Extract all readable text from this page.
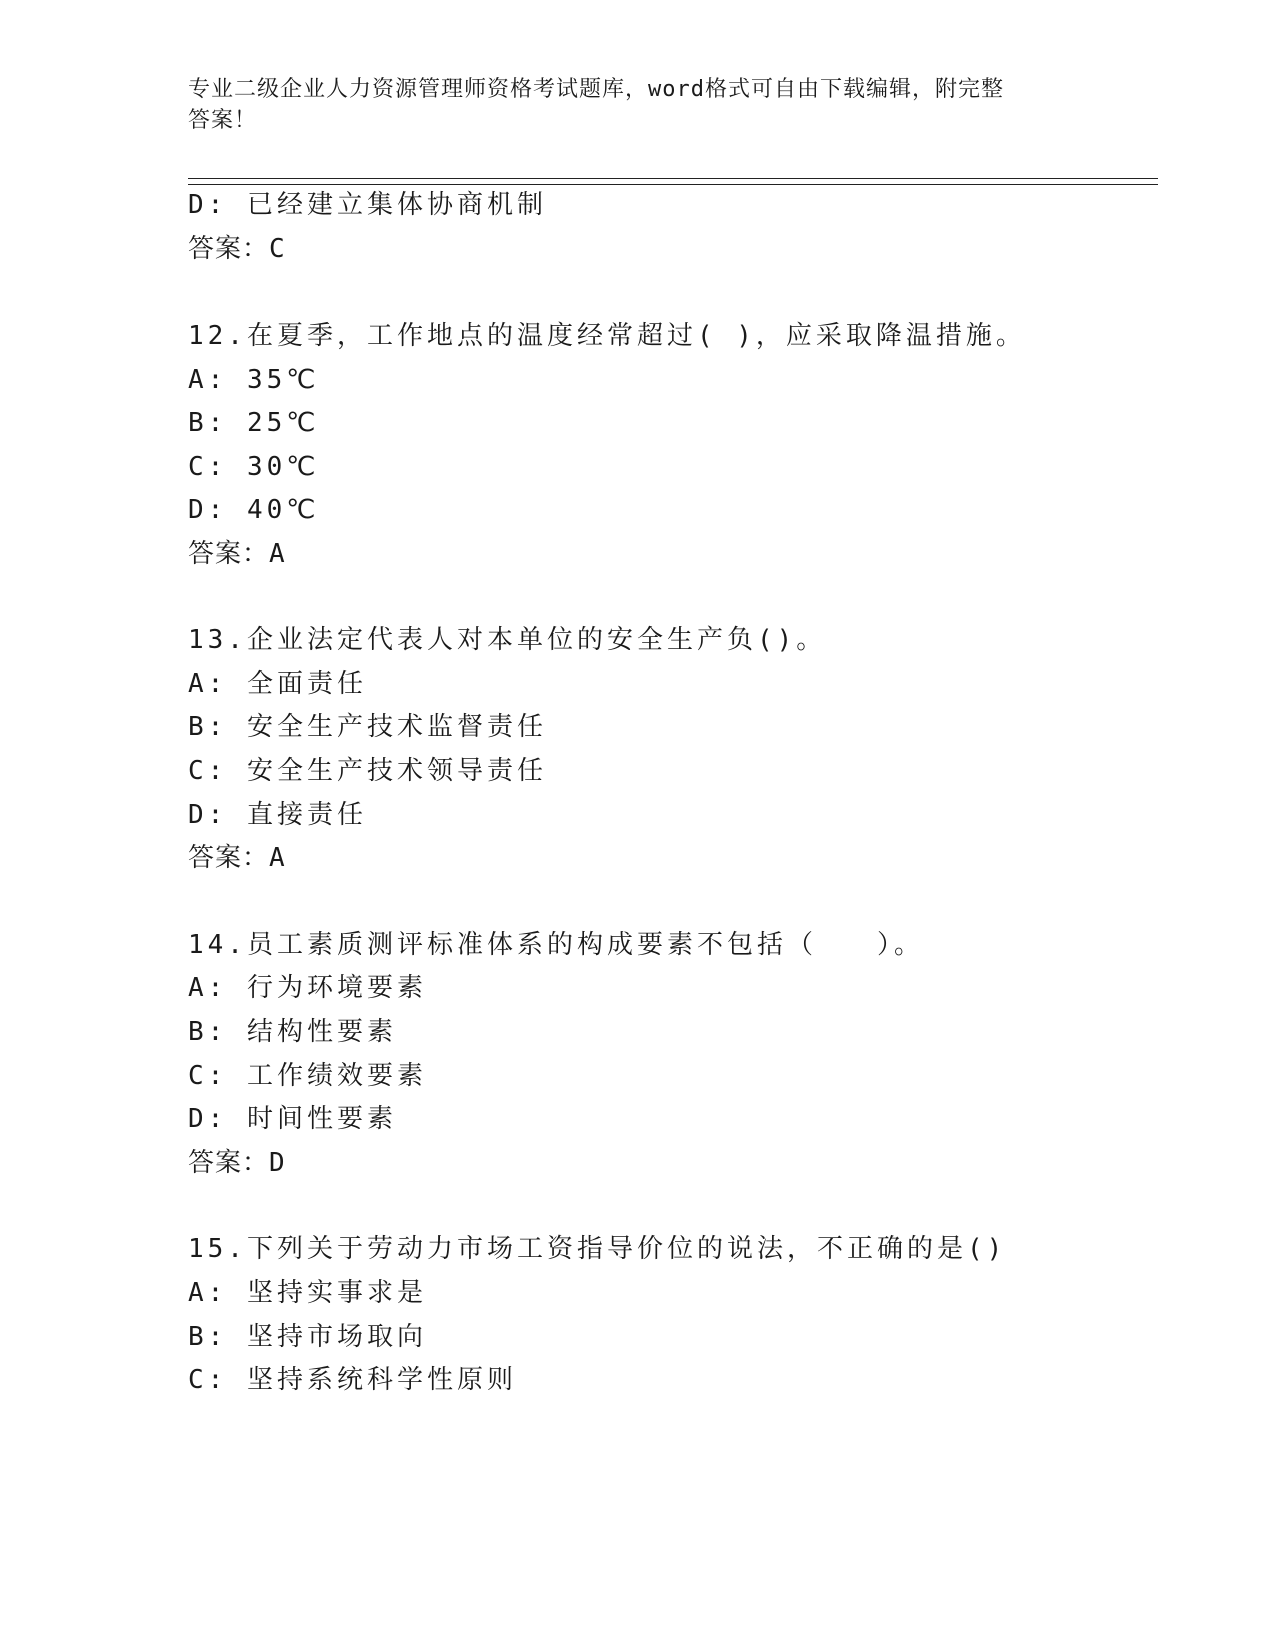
专业二级企业人力资源管理师资格考试题库，word格式可自由下载编辑，附完整
答案！
D: 已经建立集体协商机制
答案：C
12.在夏季，工作地点的温度经常超过( )，应采取降温措施。
A: 35℃
B: 25℃
C: 30℃
D: 40℃
答案：A
13.企业法定代表人对本单位的安全生产负()。
A: 全面责任
B: 安全生产技术监督责任
C: 安全生产技术领导责任
D: 直接责任
答案：A
14.员工素质测评标准体系的构成要素不包括（　　）。
A: 行为环境要素
B: 结构性要素
C: 工作绩效要素
D: 时间性要素
答案：D
15.下列关于劳动力市场工资指导价位的说法，不正确的是()
A: 坚持实事求是
B: 坚持市场取向
C: 坚持系统科学性原则
